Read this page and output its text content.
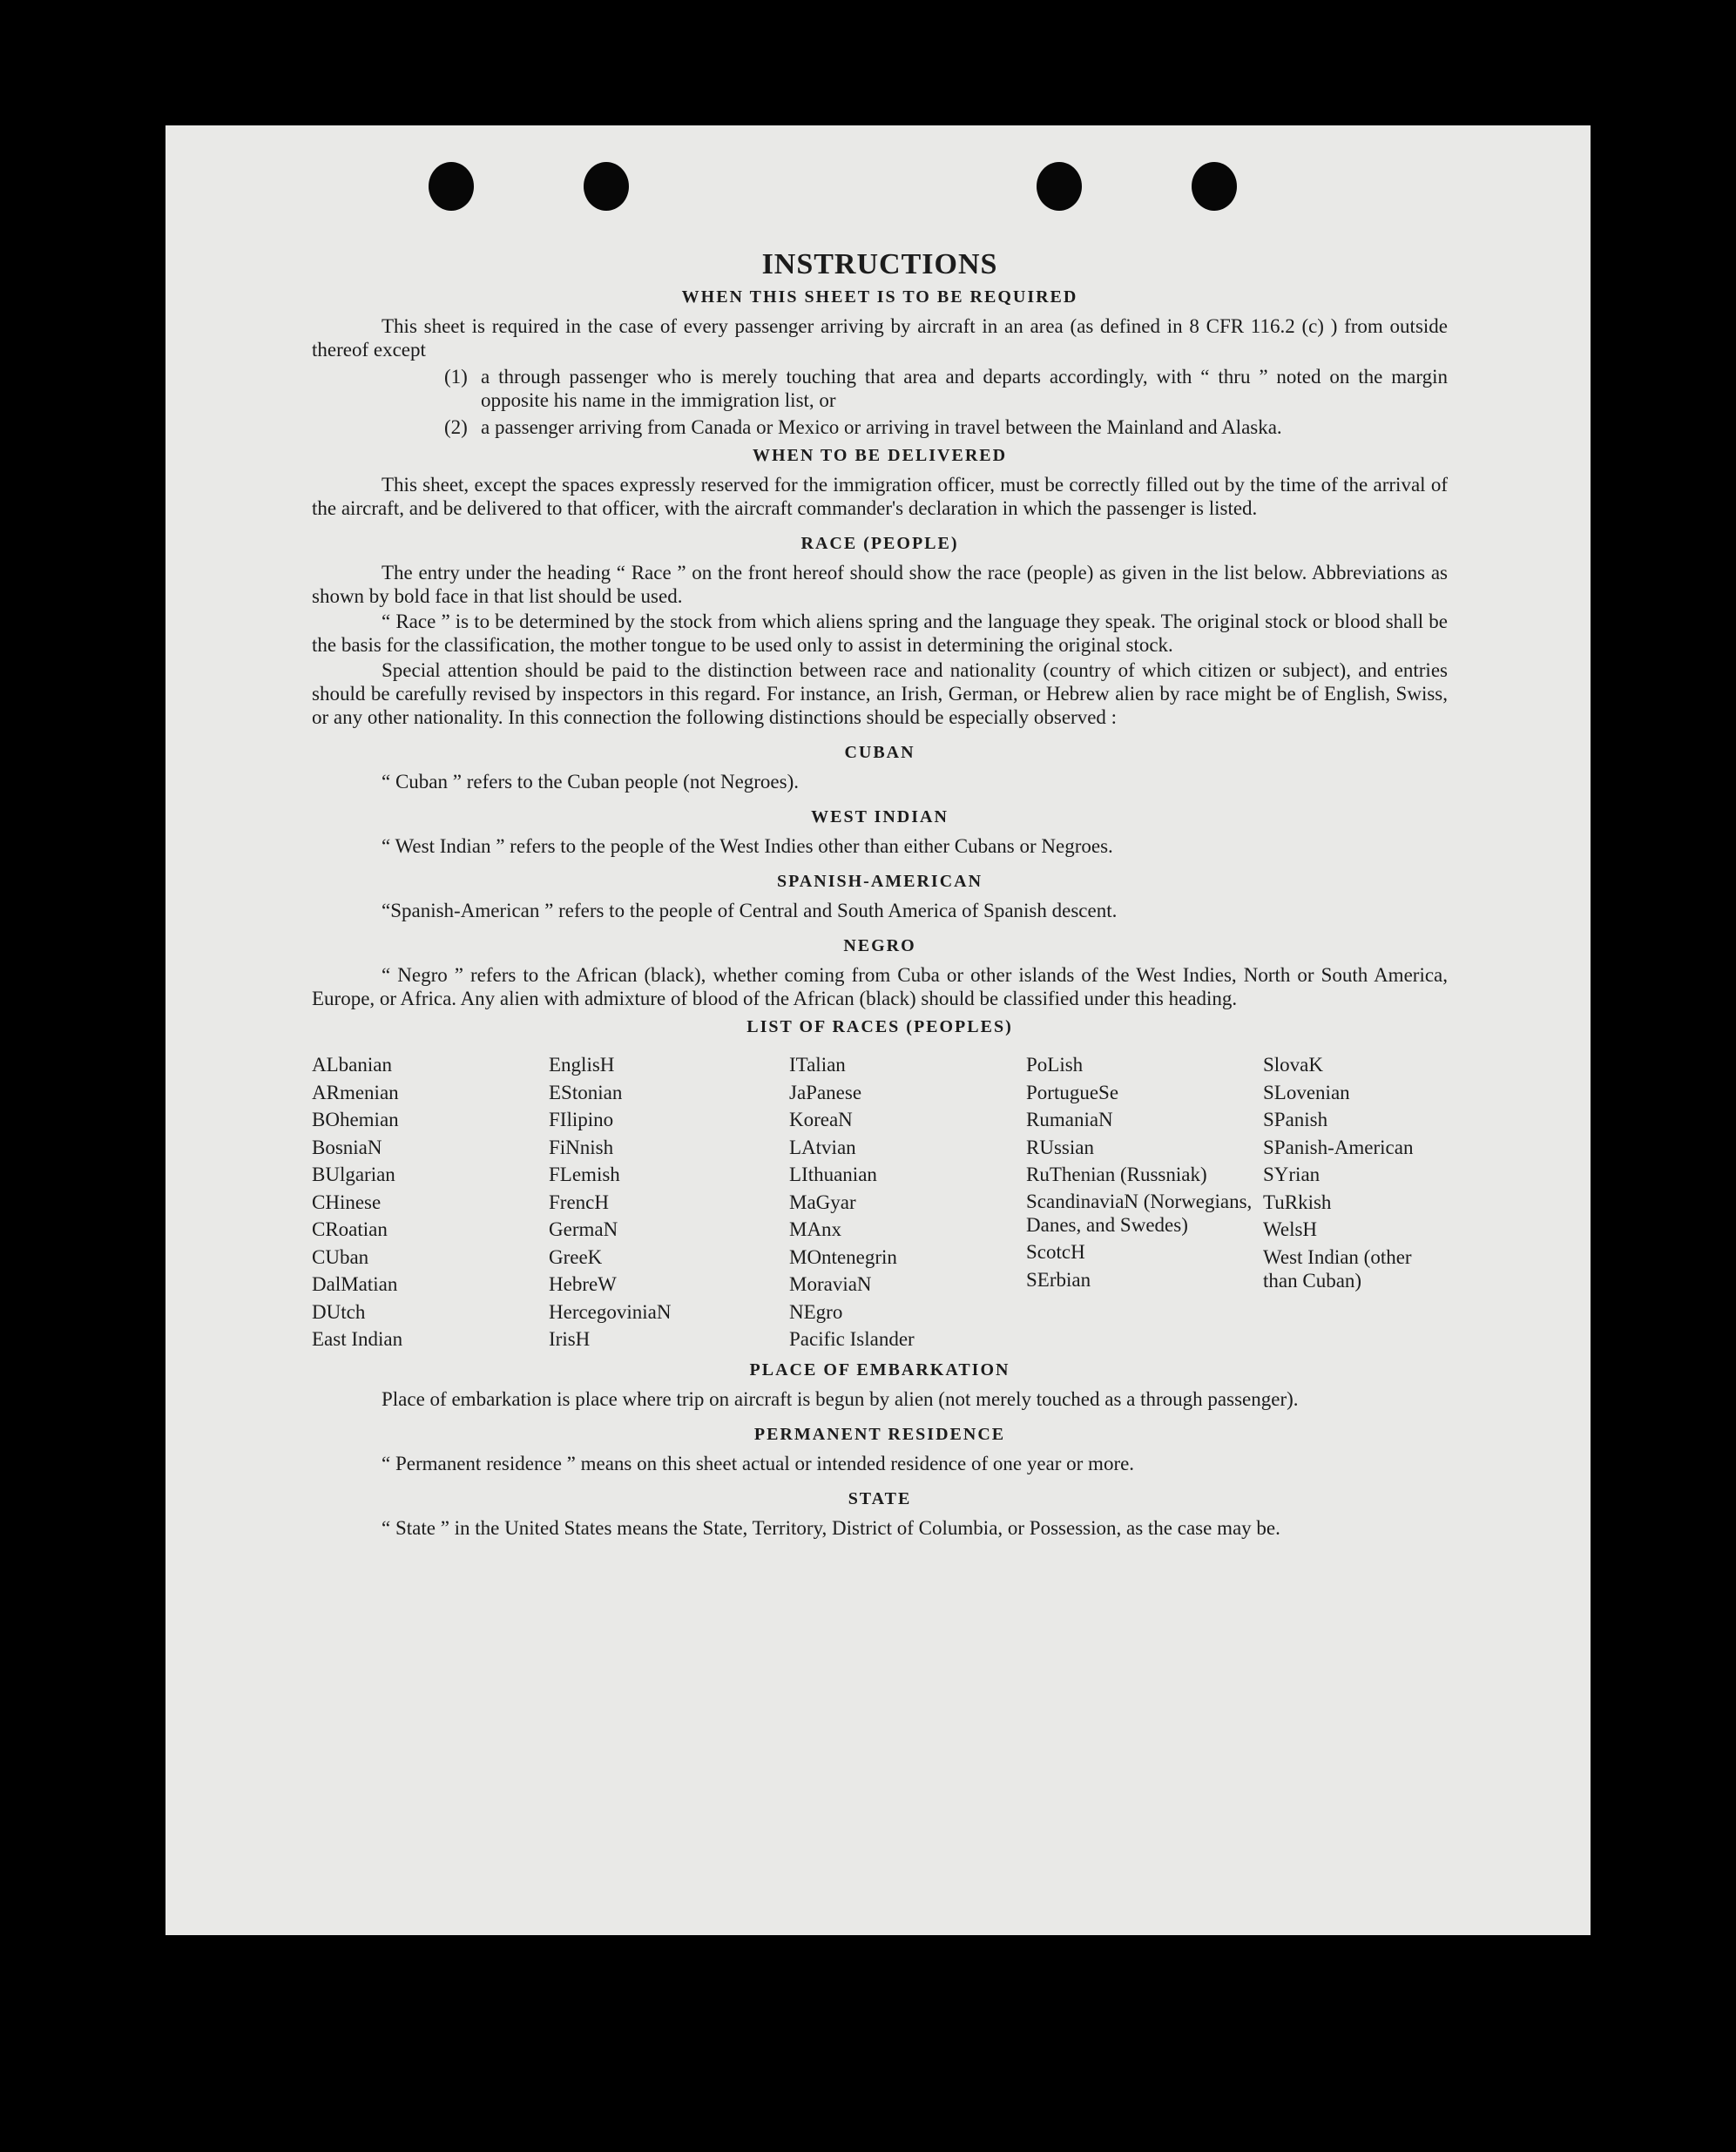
INSTRUCTIONS
WHEN THIS SHEET IS TO BE REQUIRED

This sheet is required in the case of every passenger arriving by aircraft in an area (as defined in 8 CFR 116.2 (c) ) from outside thereof except

(1) a through passenger who is merely touching that area and departs accordingly, with “ thru ” noted on the margin opposite his name in the immigration list, or
(2) a passenger arriving from Canada or Mexico or arriving in travel between the Mainland and Alaska.
WHEN TO BE DELIVERED

This sheet, except the spaces expressly reserved for the immigration officer, must be correctly filled out by the time of the arrival of the aircraft, and be delivered to that officer, with the aircraft commander's declaration in which the passenger is listed.

RACE (PEOPLE)

The entry under the heading “ Race ” on the front hereof should show the race (people) as given in the list below. Abbreviations as shown by bold face in that list should be used.

“ Race ” is to be determined by the stock from which aliens spring and the language they speak. The original stock or blood shall be the basis for the classification, the mother tongue to be used only to assist in determining the original stock.

Special attention should be paid to the distinction between race and nationality (country of which citizen or subject), and entries should be carefully revised by inspectors in this regard. For instance, an Irish, German, or Hebrew alien by race might be of English, Swiss, or any other nationality. In this connection the following distinctions should be especially observed :

CUBAN

“ Cuban ” refers to the Cuban people (not Negroes).

WEST INDIAN

“ West Indian ” refers to the people of the West Indies other than either Cubans or Negroes.

SPANISH-AMERICAN

“Spanish-American ” refers to the people of Central and South America of Spanish descent.

NEGRO

“ Negro ” refers to the African (black), whether coming from Cuba or other islands of the West Indies, North or South America, Europe, or Africa. Any alien with admixture of blood of the African (black) should be classified under this heading.

LIST OF RACES (PEOPLES)
ALbanian
ARmenian
BOhemian
BosniaN
BUlgarian
CHinese
CRoatian
CUban
DalMatian
DUtch
East Indian
EnglisH
EStonian
FIlipino
FiNnish
FLemish
FrencH
GermaN
GreeK
HebreW
HercegoviniaN
IrisH
ITalian
JaPanese
KoreaN
LAtvian
LIthuanian
MaGyar
MAnx
MOntenegrin
MoraviaN
NEgro
Pacific Islander
PoLish
PortugueSe
RumaniaN
RUssian
RuThenian (Russniak)
ScandinaviaN (Norwegians, Danes, and Swedes)
ScotcH
SErbian
SlovaK
SLovenian
SPanish
SPanish-American
SYrian
TuRkish
WelsH
West Indian (other than Cuban)
PLACE OF EMBARKATION

Place of embarkation is place where trip on aircraft is begun by alien (not merely touched as a through passenger).

PERMANENT RESIDENCE

“ Permanent residence ” means on this sheet actual or intended residence of one year or more.

STATE

“ State ” in the United States means the State, Territory, District of Columbia, or Possession, as the case may be.
